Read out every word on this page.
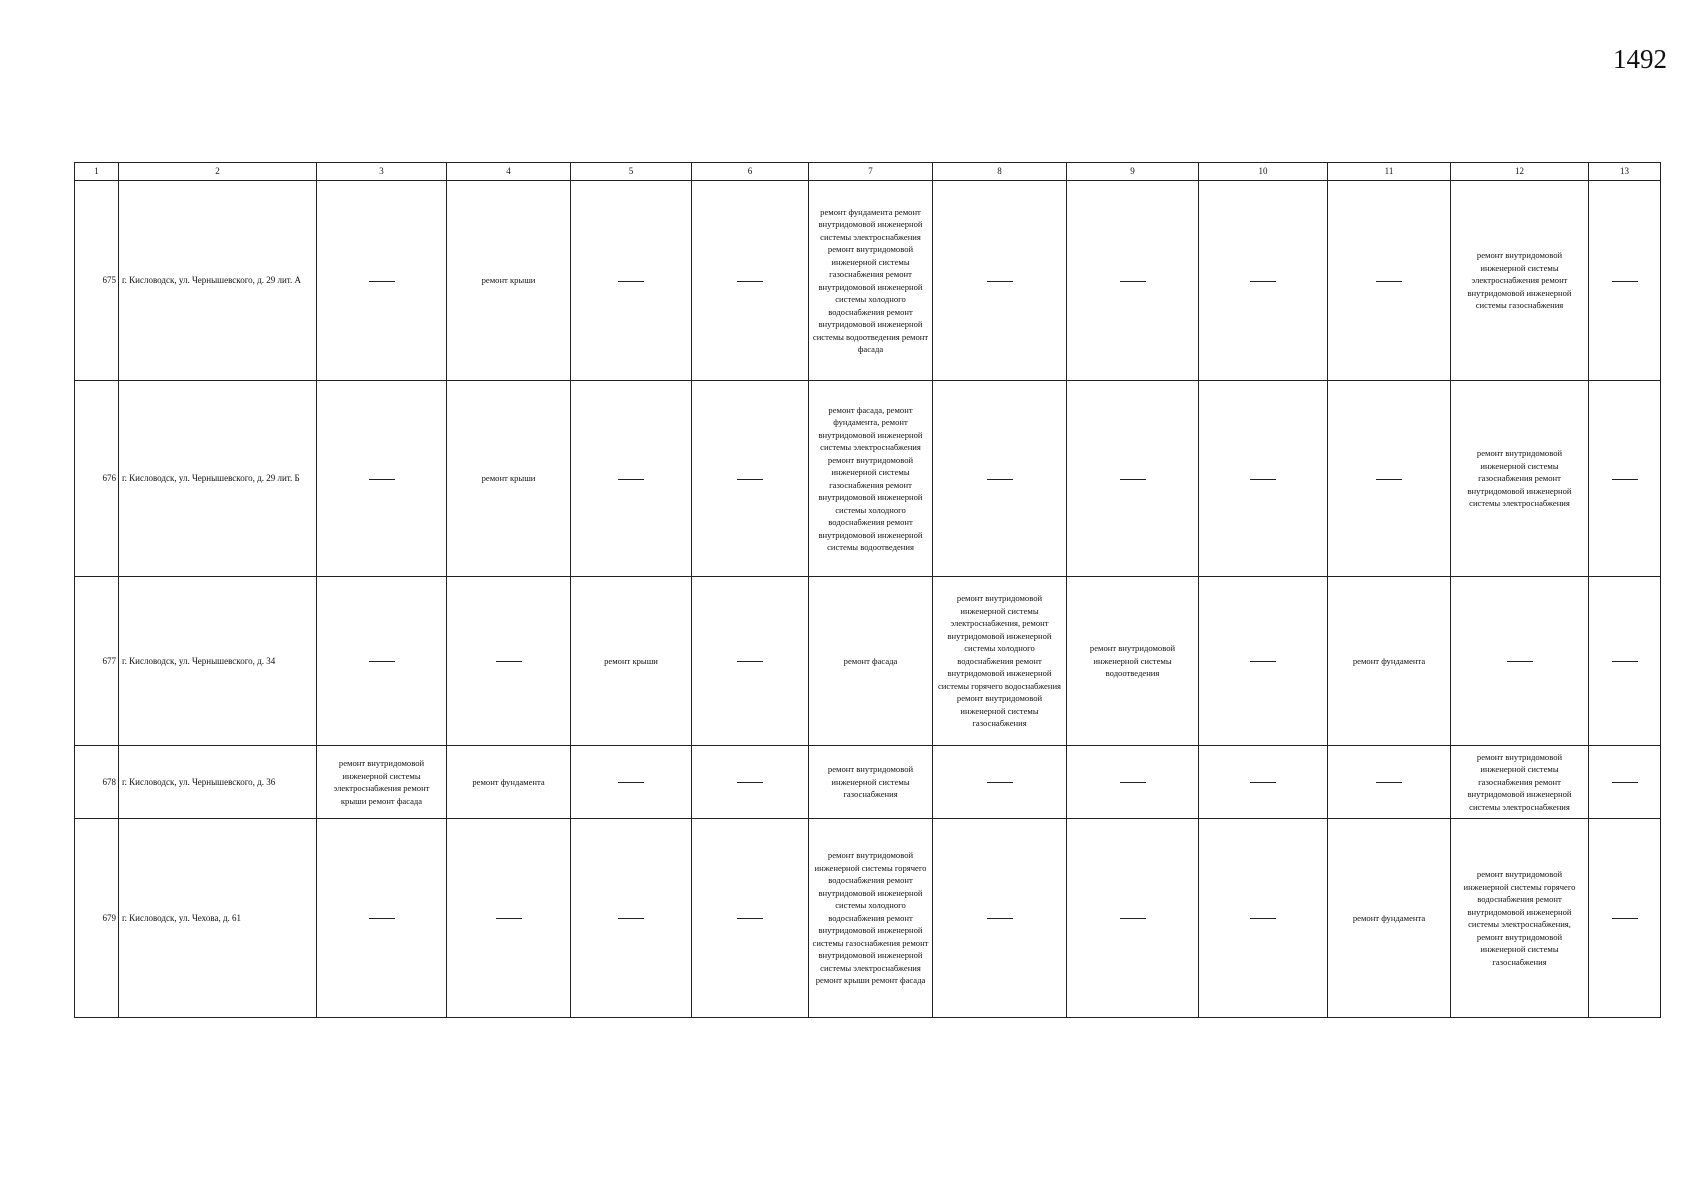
1492
1	2	3	4	5	6	7	8	9	10	11	12	13
675	г. Кисловодск, ул. Чернышевского, д. 29 лит. А		ремонт крыши			ремонт фундамента ремонт внутридомовой инженерной системы электроснабжения ремонт внутридомовой инженерной системы газоснабжения ремонт внутридомовой инженерной системы холодного водоснабжения ремонт внутридомовой инженерной системы водоотведения ремонт фасада					ремонт внутридомовой инженерной системы электроснабжения ремонт внутридомовой инженерной системы газоснабжения	
676	г. Кисловодск, ул. Чернышевского, д. 29 лит. Б		ремонт крыши			ремонт фасада, ремонт фундамента, ремонт внутридомовой инженерной системы электроснабжения ремонт внутридомовой инженерной системы газоснабжения ремонт внутридомовой инженерной системы холодного водоснабжения ремонт внутридомовой инженерной системы водоотведения					ремонт внутридомовой инженерной системы газоснабжения ремонт внутридомовой инженерной системы электроснабжения	
677	г. Кисловодск, ул. Чернышевского, д. 34			ремонт крыши		ремонт фасада	ремонт внутридомовой инженерной системы электроснабжения, ремонт внутридомовой инженерной системы холодного водоснабжения ремонт внутридомовой инженерной системы горячего водоснабжения ремонт внутридомовой инженерной системы газоснабжения	ремонт внутридомовой инженерной системы водоотведения		ремонт фундамента		
678	г. Кисловодск, ул. Чернышевского, д. 36	ремонт внутридомовой инженерной системы электроснабжения ремонт крыши ремонт фасада	ремонт фундамента			ремонт внутридомовой инженерной системы газоснабжения					ремонт внутридомовой инженерной системы газоснабжения ремонт внутридомовой инженерной системы электроснабжения	
679	г. Кисловодск, ул. Чехова, д. 61					ремонт внутридомовой инженерной системы горячего водоснабжения ремонт внутридомовой инженерной системы холодного водоснабжения ремонт внутридомовой инженерной системы газоснабжения ремонт внутридомовой инженерной системы электроснабжения ремонт крыши ремонт фасада				ремонт фундамента	ремонт внутридомовой инженерной системы горячего водоснабжения ремонт внутридомовой инженерной системы электроснабжения, ремонт внутридомовой инженерной системы газоснабжения	
